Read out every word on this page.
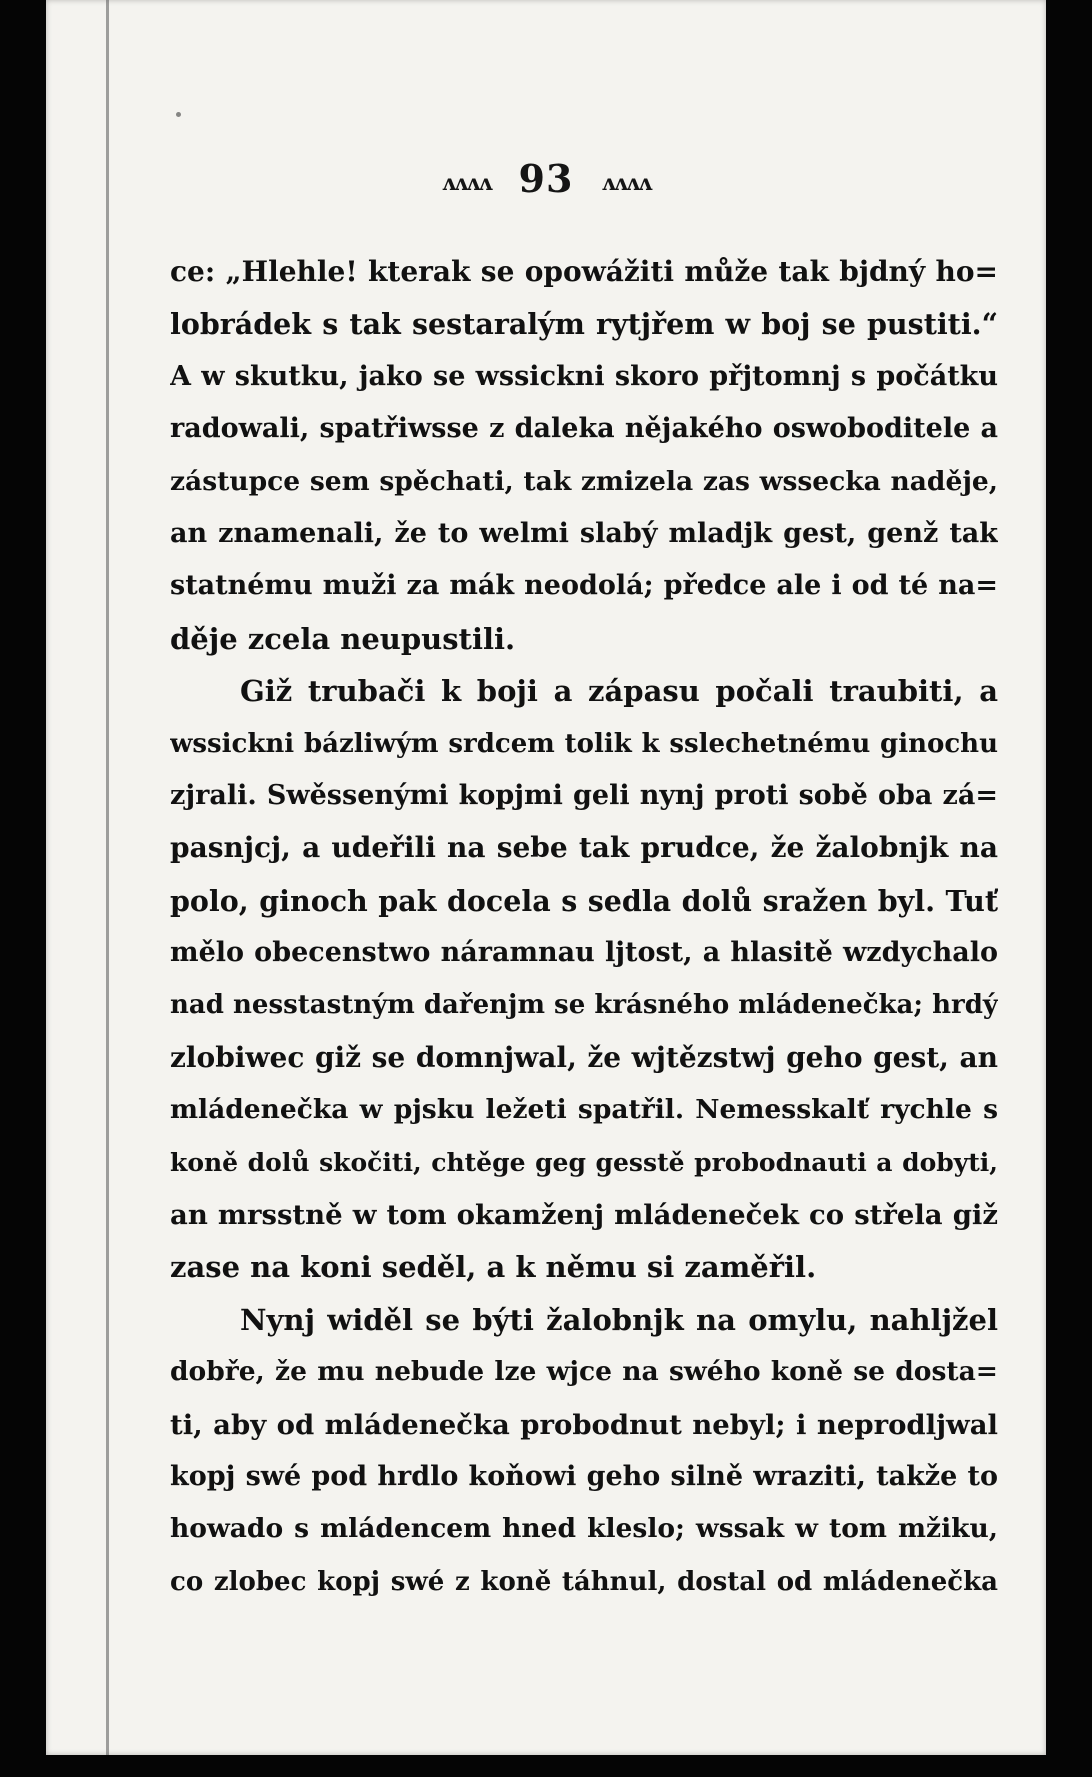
ᴧᴧᴧᴧ 93 ᴧᴧᴧᴧ
ce: „Hlehle! kterak se opowážiti může tak bjdný ho=
lobrádek s tak sestaralým rytjřem w boj se pustiti.“
A w skutku, jako se wssickni skoro přjtomnj s počátku
radowali, spatřiwsse z daleka nějakého oswoboditele a
zástupce sem spěchati, tak zmizela zas wssecka naděje,
an znamenali, že to welmi slabý mladjk gest, genž tak
statnému muži za mák neodolá; předce ale i od té na=
děje zcela neupustili.
Giž trubači k boji a zápasu počali traubiti, a
wssickni bázliwým srdcem tolik k sslechetnému ginochu
zjrali. Swěssenými kopjmi geli nynj proti sobě oba zá=
pasnjcj, a udeřili na sebe tak prudce, že žalobnjk na
polo, ginoch pak docela s sedla dolů sražen byl. Tuť
mělo obecenstwo náramnau ljtost, a hlasitě wzdychalo
nad nesstastným dařenjm se krásného mládenečka; hrdý
zlobiwec giž se domnjwal, že wjtězstwj geho gest, an
mládenečka w pjsku ležeti spatřil. Nemesskalť rychle s
koně dolů skočiti, chtěge geg gesstě probodnauti a dobyti,
an mrsstně w tom okamženj mládeneček co střela giž
zase na koni seděl, a k němu si zaměřil.
Nynj widěl se býti žalobnjk na omylu, nahljžel
dobře, že mu nebude lze wjce na swého koně se dosta=
ti, aby od mládenečka probodnut nebyl; i neprodljwal
kopj swé pod hrdlo koňowi geho silně wraziti, takže to
howado s mládencem hned kleslo; wssak w tom mžiku,
co zlobec kopj swé z koně táhnul, dostal od mládenečka
